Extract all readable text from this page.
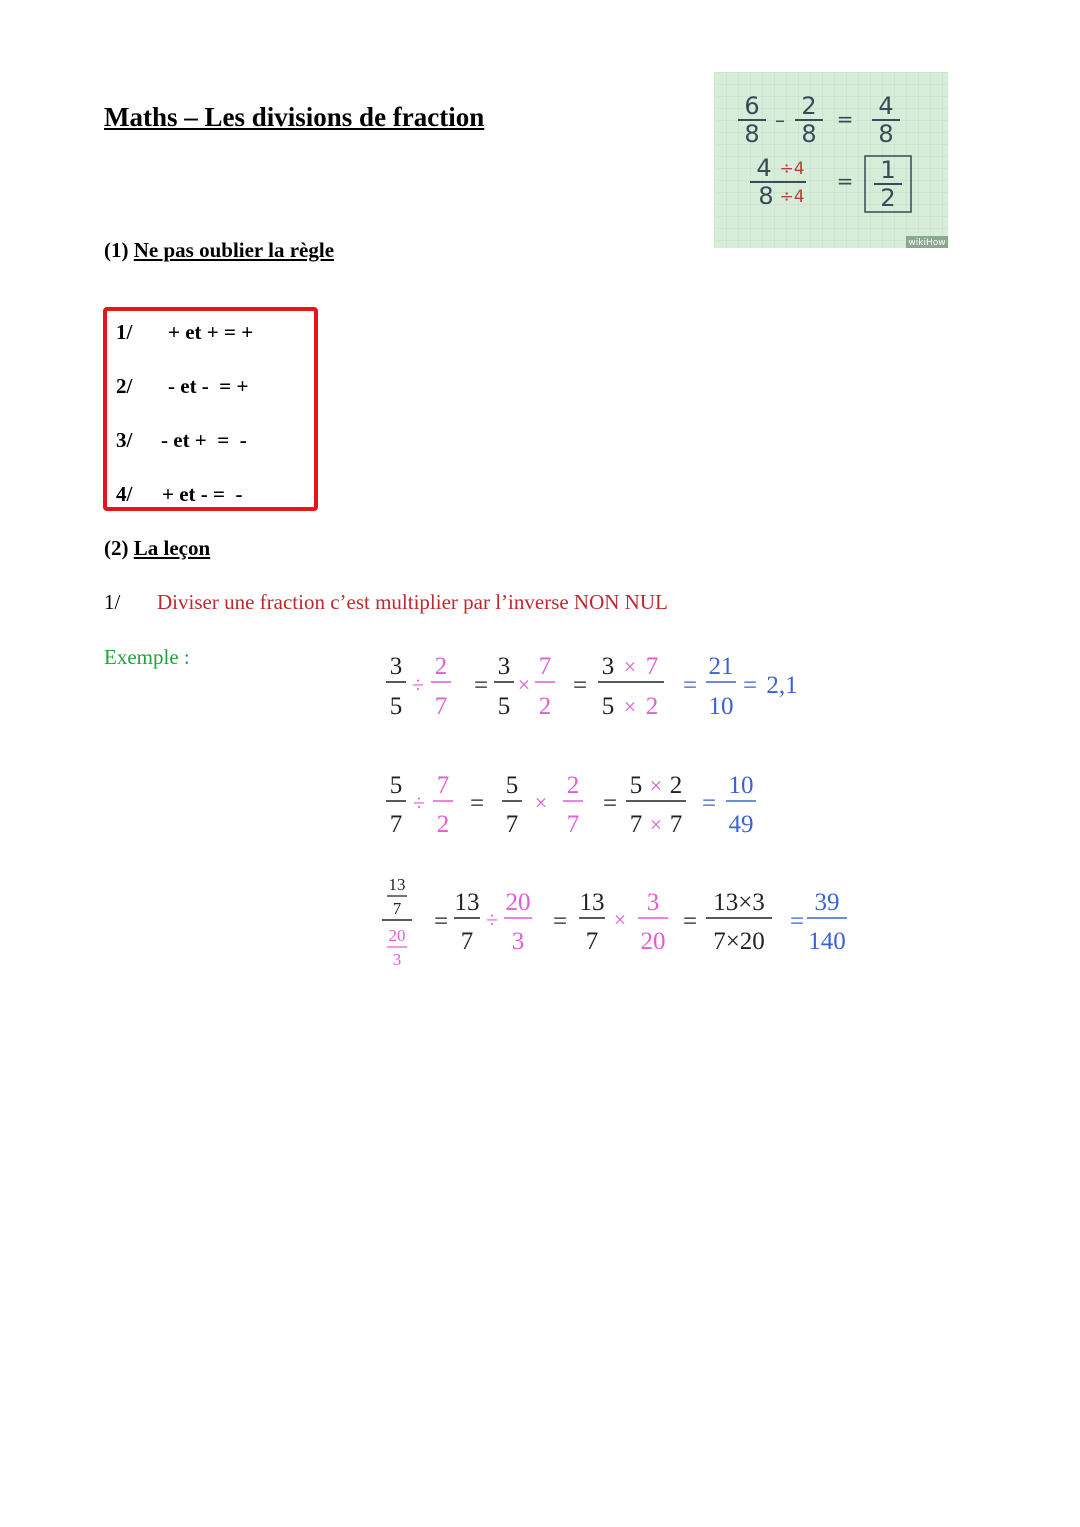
Maths – Les divisions de fraction	6
8 – 2
8
= 4
8
4 ÷4
8 ÷4
= 1
2
wikiHow
(1) Ne pas oublier la règle
1/ + et + = +
2/ - et -  = +
3/ - et +  =  -
4/ + et - =  -
(2) La leçon
1/ Diviser une fraction c’est multiplier par l’inverse NON NUL
Exemple :	3
5
÷
2
7
=
3
5
×
7
2
=
3 × 7
5 × 2
=
21
10
= 2,1
5
7
÷
7
2
=
5
7
×
2
7
=
5 × 2
7 × 7
=
10
49
13
7
20
3
=
13
7
÷
20
3
=
13
7
×
3
20
=
13×3
7×20
=
39
140
